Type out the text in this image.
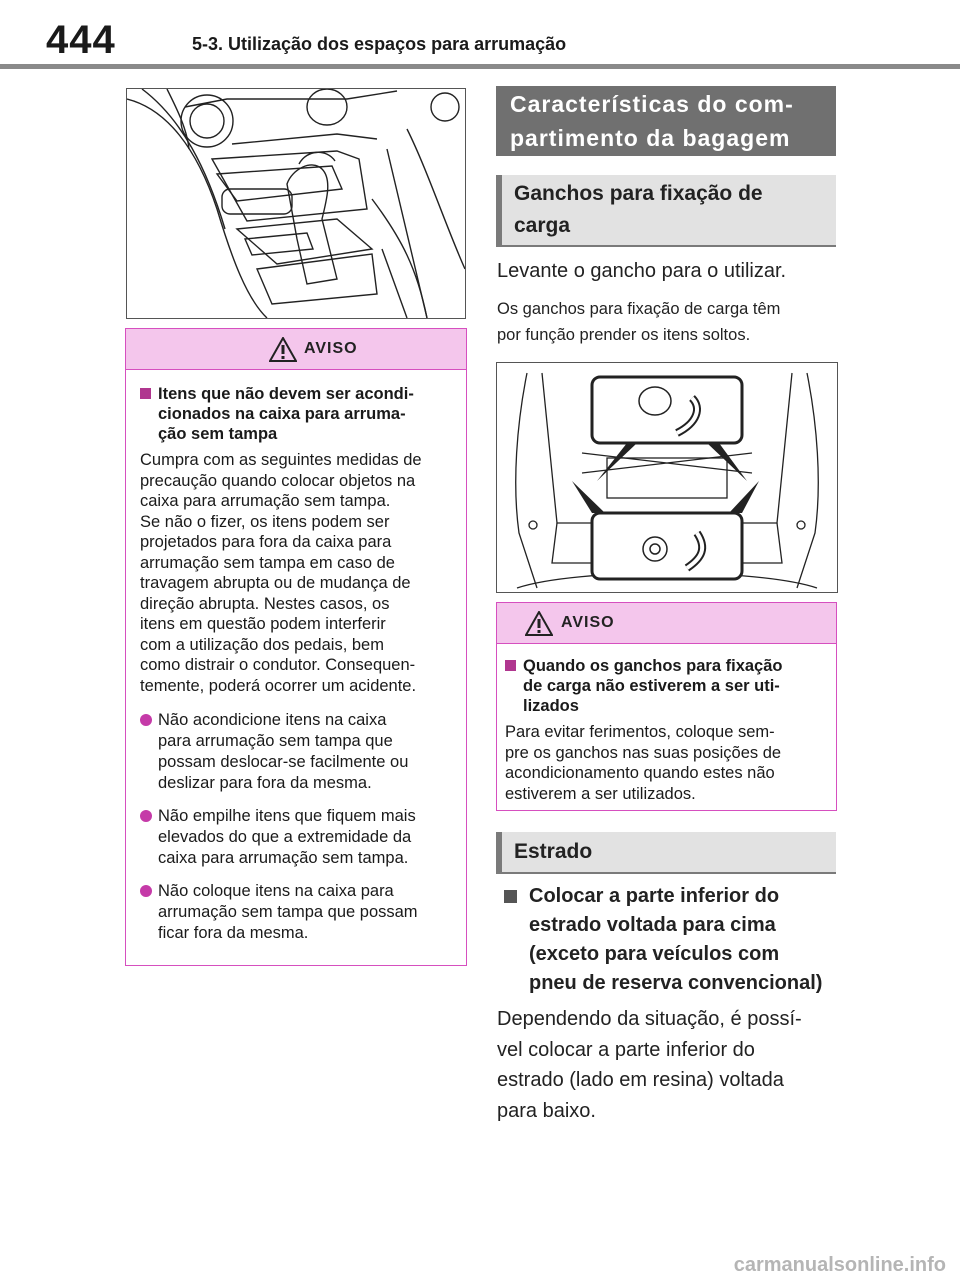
444	5-3. Utilização dos espaços para arrumação
AVISO
Itens que não devem ser acondi-
cionados na caixa para arruma-
ção sem tampa
Cumpra com as seguintes medidas de
precaução quando colocar objetos na
caixa para arrumação sem tampa.
Se não o fizer, os itens podem ser
projetados para fora da caixa para
arrumação sem tampa em caso de
travagem abrupta ou de mudança de
direção abrupta. Nestes casos, os
itens em questão podem interferir
com a utilização dos pedais, bem
como distrair o condutor. Consequen-
temente, poderá ocorrer um acidente.
Não acondicione itens na caixa
para arrumação sem tampa que
possam deslocar-se facilmente ou
deslizar para fora da mesma.
Não empilhe itens que fiquem mais
elevados do que a extremidade da
caixa para arrumação sem tampa.
Não coloque itens na caixa para
arrumação sem tampa que possam
ficar fora da mesma.
Características do com-
partimento da bagagem
Ganchos para fixação de
carga
Levante o gancho para o utilizar.
Os ganchos para fixação de carga têm
por função prender os itens soltos.
AVISO
Quando os ganchos para fixação
de carga não estiverem a ser uti-
lizados
Para evitar ferimentos, coloque sem-
pre os ganchos nas suas posições de
acondicionamento quando estes não
estiverem a ser utilizados.
Estrado
Colocar a parte inferior do
estrado voltada para cima
(exceto para veículos com
pneu de reserva convencional)
Dependendo da situação, é possí-
vel colocar a parte inferior do
estrado (lado em resina) voltada
para baixo.
carmanualsonline.info
